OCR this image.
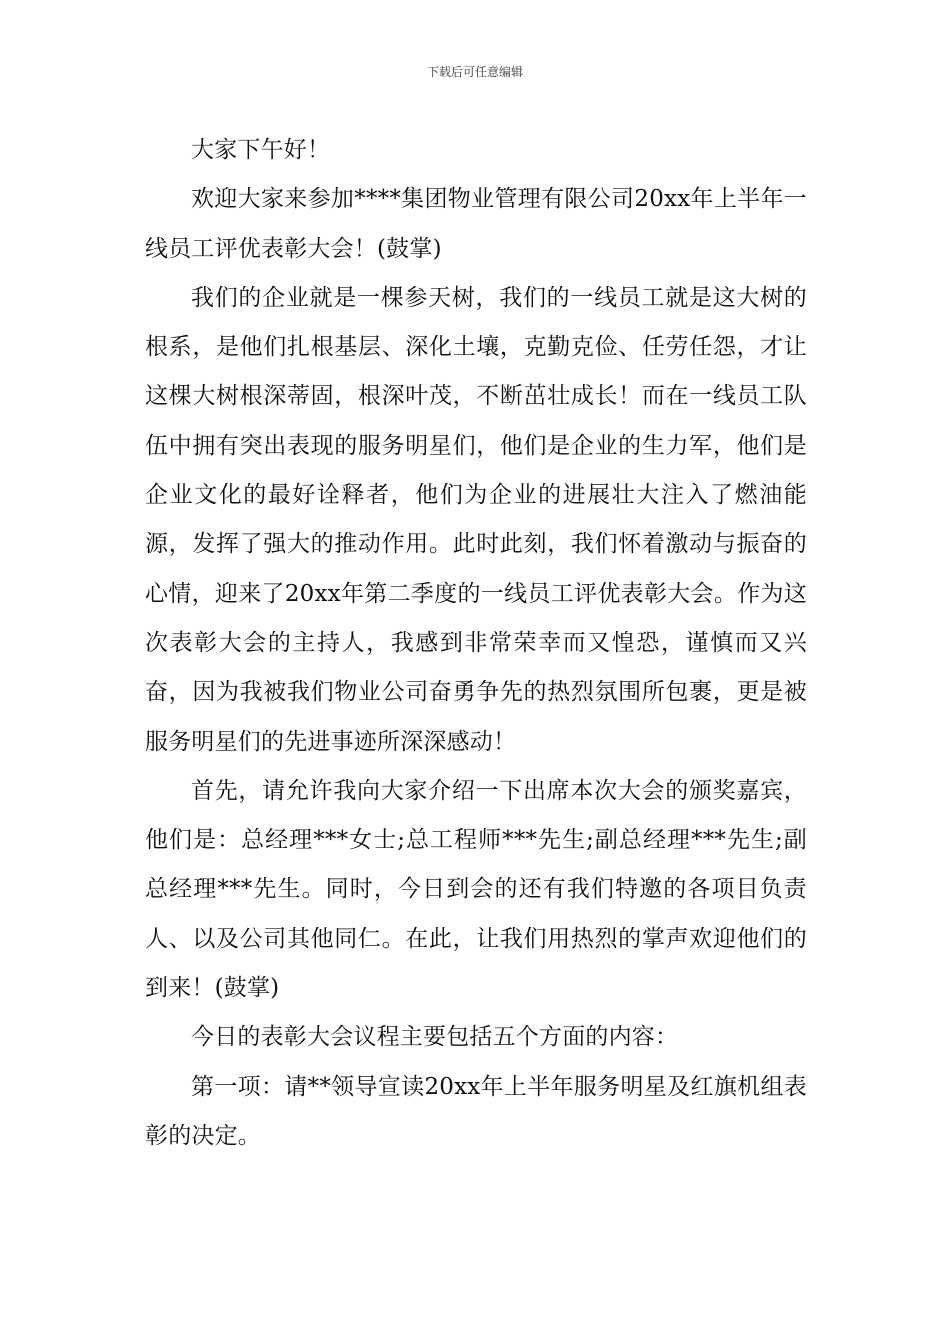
下载后可任意编辑

大家下午好！

欢迎大家来参加****集团物业管理有限公司20xx年上半年一线员工评优表彰大会！(鼓掌)

我们的企业就是一棵参天树，我们的一线员工就是这大树的根系，是他们扎根基层、深化土壤，克勤克俭、任劳任怨，才让这棵大树根深蒂固，根深叶茂，不断茁壮成长！而在一线员工队伍中拥有突出表现的服务明星们，他们是企业的生力军，他们是企业文化的最好诠释者，他们为企业的进展壮大注入了燃油能源，发挥了强大的推动作用。此时此刻，我们怀着激动与振奋的心情，迎来了20xx年第二季度的一线员工评优表彰大会。作为这次表彰大会的主持人，我感到非常荣幸而又惶恐，谨慎而又兴奋，因为我被我们物业公司奋勇争先的热烈氛围所包裹，更是被服务明星们的先进事迹所深深感动！

首先，请允许我向大家介绍一下出席本次大会的颁奖嘉宾，他们是：总经理***女士;总工程师***先生;副总经理***先生;副总经理***先生。同时，今日到会的还有我们特邀的各项目负责人、以及公司其他同仁。在此，让我们用热烈的掌声欢迎他们的到来！(鼓掌)

今日的表彰大会议程主要包括五个方面的内容：

第一项：请**领导宣读20xx年上半年服务明星及红旗机组表彰的决定。
